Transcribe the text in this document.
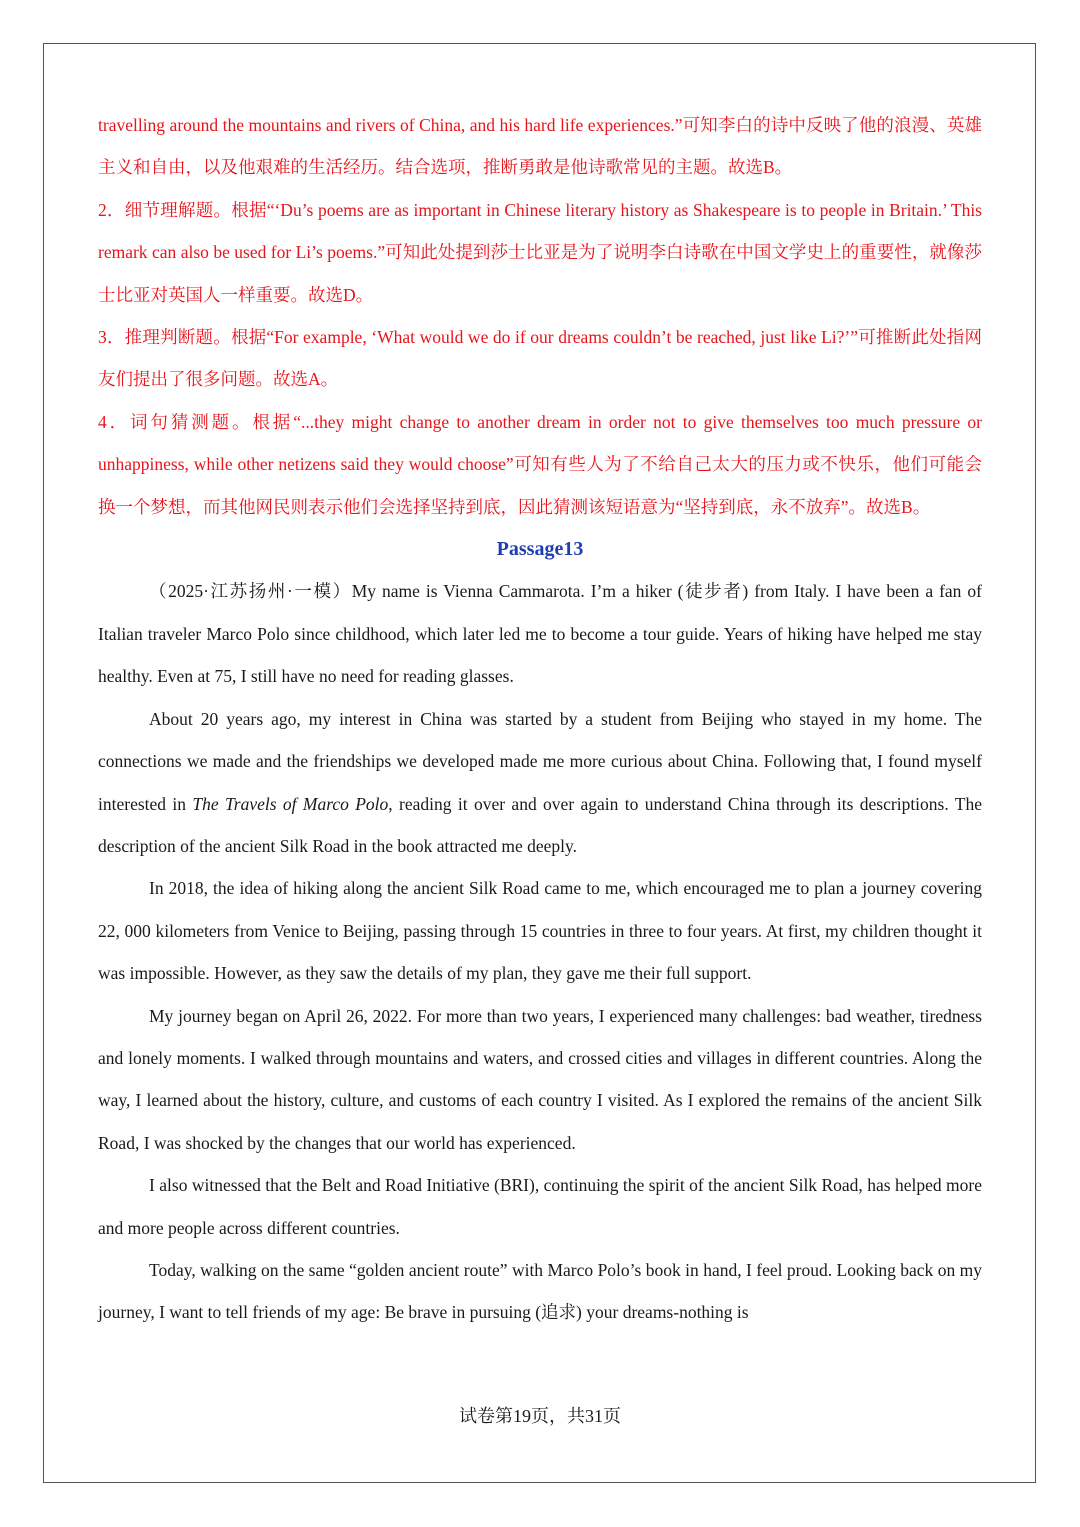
travelling around the mountains and rivers of China, and his hard life experiences.”可知李白的诗中反映了他的浪漫、英雄主义和自由，以及他艰难的生活经历。结合选项，推断勇敢是他诗歌常见的主题。故选B。

2．细节理解题。根据“‘Du’s poems are as important in Chinese literary history as Shakespeare is to people in Britain.’ This remark can also be used for Li’s poems.”可知此处提到莎士比亚是为了说明李白诗歌在中国文学史上的重要性，就像莎士比亚对英国人一样重要。故选D。

3．推理判断题。根据“For example, ‘What would we do if our dreams couldn’t be reached, just like Li?’”可推断此处指网友们提出了很多问题。故选A。

4．词句猜测题。根据“...they might change to another dream in order not to give themselves too much pressure or unhappiness, while other netizens said they would choose”可知有些人为了不给自己太大的压力或不快乐，他们可能会换一个梦想，而其他网民则表示他们会选择坚持到底，因此猜测该短语意为“坚持到底，永不放弃”。故选B。

Passage13

（2025·江苏扬州·一模）My name is Vienna Cammarota. I’m a hiker (徒步者) from Italy. I have been a fan of Italian traveler Marco Polo since childhood, which later led me to become a tour guide. Years of hiking have helped me stay healthy. Even at 75, I still have no need for reading glasses.

About 20 years ago, my interest in China was started by a student from Beijing who stayed in my home. The connections we made and the friendships we developed made me more curious about China. Following that, I found myself interested in The Travels of Marco Polo, reading it over and over again to understand China through its descriptions. The description of the ancient Silk Road in the book attracted me deeply.

In 2018, the idea of hiking along the ancient Silk Road came to me, which encouraged me to plan a journey covering 22, 000 kilometers from Venice to Beijing, passing through 15 countries in three to four years. At first, my children thought it was impossible. However, as they saw the details of my plan, they gave me their full support.

My journey began on April 26, 2022. For more than two years, I experienced many challenges: bad weather, tiredness and lonely moments. I walked through mountains and waters, and crossed cities and villages in different countries. Along the way, I learned about the history, culture, and customs of each country I visited. As I explored the remains of the ancient Silk Road, I was shocked by the changes that our world has experienced.

I also witnessed that the Belt and Road Initiative (BRI), continuing the spirit of the ancient Silk Road, has helped more and more people across different countries.

Today, walking on the same “golden ancient route” with Marco Polo’s book in hand, I feel proud. Looking back on my journey, I want to tell friends of my age: Be brave in pursuing (追求) your dreams-nothing is

试卷第19页，共31页
